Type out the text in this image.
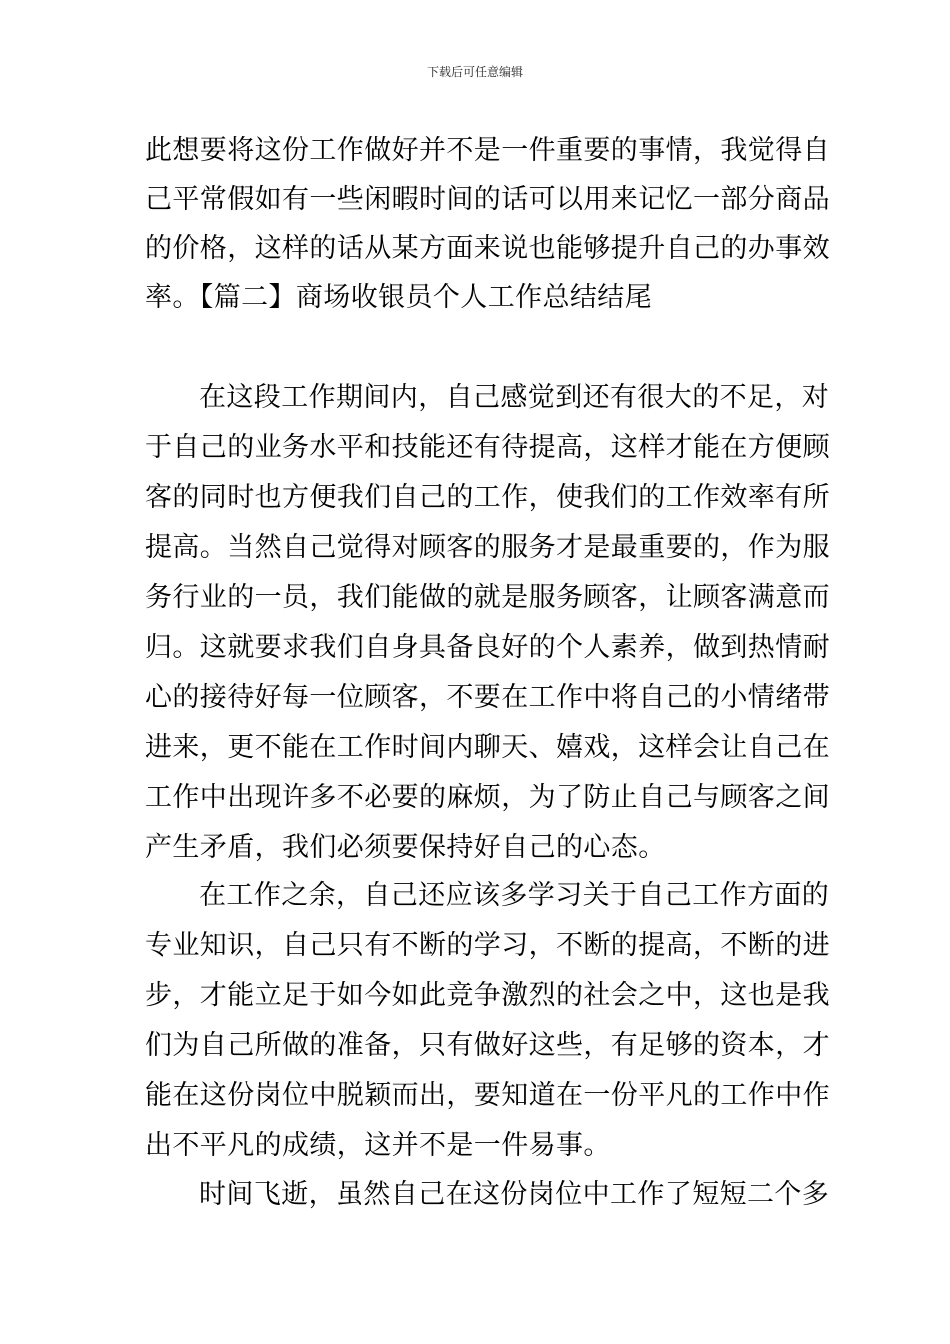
下载后可任意编辑
此想要将这份工作做好并不是一件重要的事情，我觉得自
己平常假如有一些闲暇时间的话可以用来记忆一部分商品
的价格，这样的话从某方面来说也能够提升自己的办事效
率。【篇二】商场收银员个人工作总结结尾
在这段工作期间内，自己感觉到还有很大的不足，对
于自己的业务水平和技能还有待提高，这样才能在方便顾
客的同时也方便我们自己的工作，使我们的工作效率有所
提高。当然自己觉得对顾客的服务才是最重要的，作为服
务行业的一员，我们能做的就是服务顾客，让顾客满意而
归。这就要求我们自身具备良好的个人素养，做到热情耐
心的接待好每一位顾客，不要在工作中将自己的小情绪带
进来，更不能在工作时间内聊天、嬉戏，这样会让自己在
工作中出现许多不必要的麻烦，为了防止自己与顾客之间
产生矛盾，我们必须要保持好自己的心态。
在工作之余，自己还应该多学习关于自己工作方面的
专业知识，自己只有不断的学习，不断的提高，不断的进
步，才能立足于如今如此竞争激烈的社会之中，这也是我
们为自己所做的准备，只有做好这些，有足够的资本，才
能在这份岗位中脱颖而出，要知道在一份平凡的工作中作
出不平凡的成绩，这并不是一件易事。
时间飞逝，虽然自己在这份岗位中工作了短短二个多
